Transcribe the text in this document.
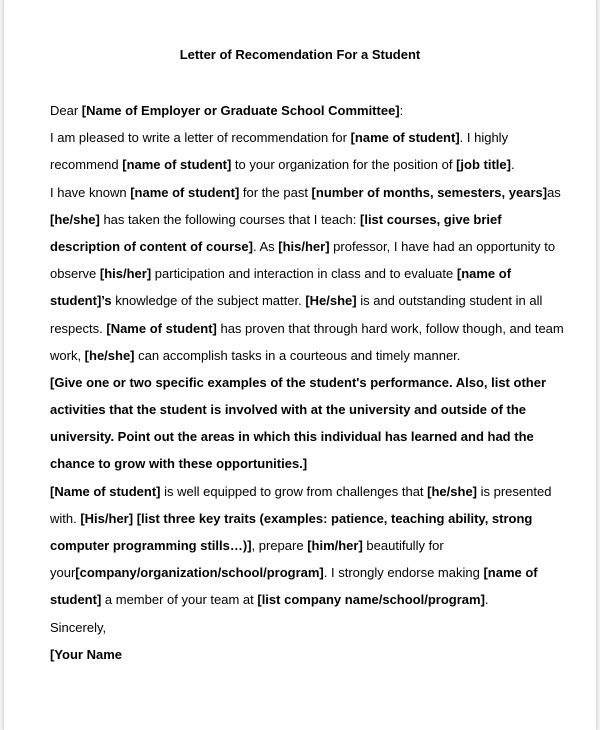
Letter of Recomendation For a Student
Dear [Name of Employer or Graduate School Committee]:
I am pleased to write a letter of recommendation for [name of student]. I highly
recommend [name of student] to your organization for the position of [job title].
I have known [name of student] for the past [number of months, semesters, years]as
[he/she] has taken the following courses that I teach: [list courses, give brief
description of content of course]. As [his/her] professor, I have had an opportunity to
observe [his/her] participation and interaction in class and to evaluate [name of
student]’s knowledge of the subject matter. [He/she] is and outstanding student in all
respects. [Name of student] has proven that through hard work, follow though, and team
work, [he/she] can accomplish tasks in a courteous and timely manner.
[Give one or two specific examples of the student's performance. Also, list other
activities that the student is involved with at the university and outside of the
university. Point out the areas in which this individual has learned and had the
chance to grow with these opportunities.]
[Name of student] is well equipped to grow from challenges that [he/she] is presented
with. [His/her] [list three key traits (examples: patience, teaching ability, strong
computer programming stills…)], prepare [him/her] beautifully for
your[company/organization/school/program]. I strongly endorse making [name of
student] a member of your team at [list company name/school/program].
Sincerely,
[Your Name
